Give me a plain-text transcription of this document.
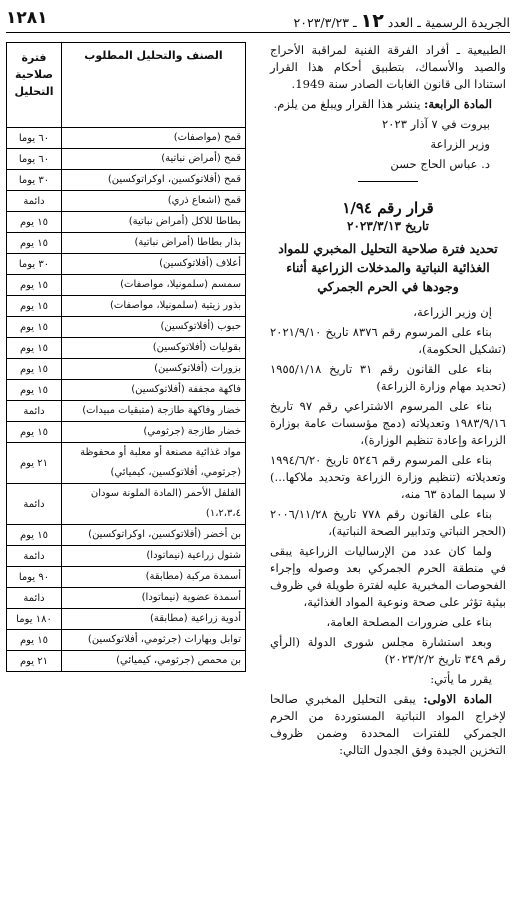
١٢٨١	الجريدة الرسمية ـ العدد ١٢ ـ ٢٠٢٣/٣/٢٣
الصنف والتحليل المطلوب	فترة صلاحية التحليل
قمح (مواصفات)	٦٠ يوما
قمح (أمراض نباتية)	٦٠ يوما
قمح (أفلاتوكسين، اوكراتوكسين)	٣٠ يوما
قمح (اشعاع ذري)	دائمة
بطاطا للاكل (أمراض نباتية)	١٥ يوم
بذار بطاطا (أمراض نباتية)	١٥ يوم
أعلاف (أفلاتوكسين)	٣٠ يوما
سمسم (سلمونيلا، مواصفات)	١٥ يوم
بذور زيتية (سلمونيلا، مواصفات)	١٥ يوم
حبوب (أفلاتوكسين)	١٥ يوم
بقوليات (أفلاتوكسين)	١٥ يوم
بزورات (أفلاتوكسين)	١٥ يوم
فاكهة مجففة (أفلاتوكسين)	١٥ يوم
خضار وفاكهة طازجة (متبقيات مبيدات)	دائمة
خضار طازجة (جرثومي)	١٥ يوم
مواد غذائية مصنعة أو معلبة أو محفوظة (جرثومي، أفلاتوكسين، كيميائي)	٢١ يوم
الفلفل الأحمر (المادة الملونة سودان ١،٢،٣،٤)	دائمة
بن أخضر (أفلاتوكسين، اوكراتوكسين)	١٥ يوم
شتول زراعية (نيماتودا)	دائمة
أسمدة مركبة (مطابقة)	٩٠ يوما
أسمدة عضوية (نيماتودا)	دائمة
أدوية زراعية (مطابقة)	١٨٠ يوما
توابل وبهارات (جرثومي، أفلاتوكسين)	١٥ يوم
بن محمص (جرثومي، كيميائي)	٢١ يوم

الطبيعية ـ أفراد الفرقة الفنية لمراقبة الأحراج والصيد والأسماك، بتطبيق أحكام هذا القرار استنادا الى قانون الغابات الصادر سنة 1949.

المادة الرابعة: ينشر هذا القرار ويبلغ من يلزم.

بيروت في ٧ آذار ٢٠٢٣

وزير الزراعة

د. عباس الحاج حسن

قرار رقم ١/٩٤
تاريخ ٢٠٢٣/٣/١٣
تحديد فترة صلاحية التحليل المخبري للمواد الغذائية النباتية والمدخلات الزراعية أثناء وجودها في الحرم الجمركي

إن وزير الزراعة،

بناء على المرسوم رقم ٨٣٧٦ تاريخ ٢٠٢١/٩/١٠ (تشكيل الحكومة)،

بناء على القانون رقم ٣١ تاريخ ١٩٥٥/١/١٨ (تحديد مهام وزارة الزراعة)

بناء على المرسوم الاشتراعي رقم ٩٧ تاريخ ١٩٨٣/٩/١٦ وتعديلاته (دمج مؤسسات عامة بوزارة الزراعة وإعادة تنظيم الوزارة)،

بناء على المرسوم رقم ٥٢٤٦ تاريخ ١٩٩٤/٦/٢٠ وتعديلاته (تنظيم وزارة الزراعة وتحديد ملاكها...) لا سيما المادة ٦٣ منه،

بناء على القانون رقم ٧٧٨ تاريخ ٢٠٠٦/١١/٢٨ (الحجر النباتي وتدابير الصحة النباتية)،

ولما كان عدد من الإرساليات الزراعية يبقى في منطقة الحرم الجمركي بعد وصوله وإجراء الفحوصات المخبرية عليه لفترة طويلة في ظروف بيئية تؤثر على صحة ونوعية المواد الغذائية،

بناء على ضرورات المصلحة العامة،

وبعد استشارة مجلس شورى الدولة (الرأي رقم ٣٤٩ تاريخ ٢٠٢٣/٢/٢)

يقرر ما يأتي:

المادة الاولى: يبقى التحليل المخبري صالحا لإخراج المواد النباتية المستوردة من الحرم الجمركي للفترات المحددة وضمن ظروف التخزين الجيدة وفق الجدول التالي:
